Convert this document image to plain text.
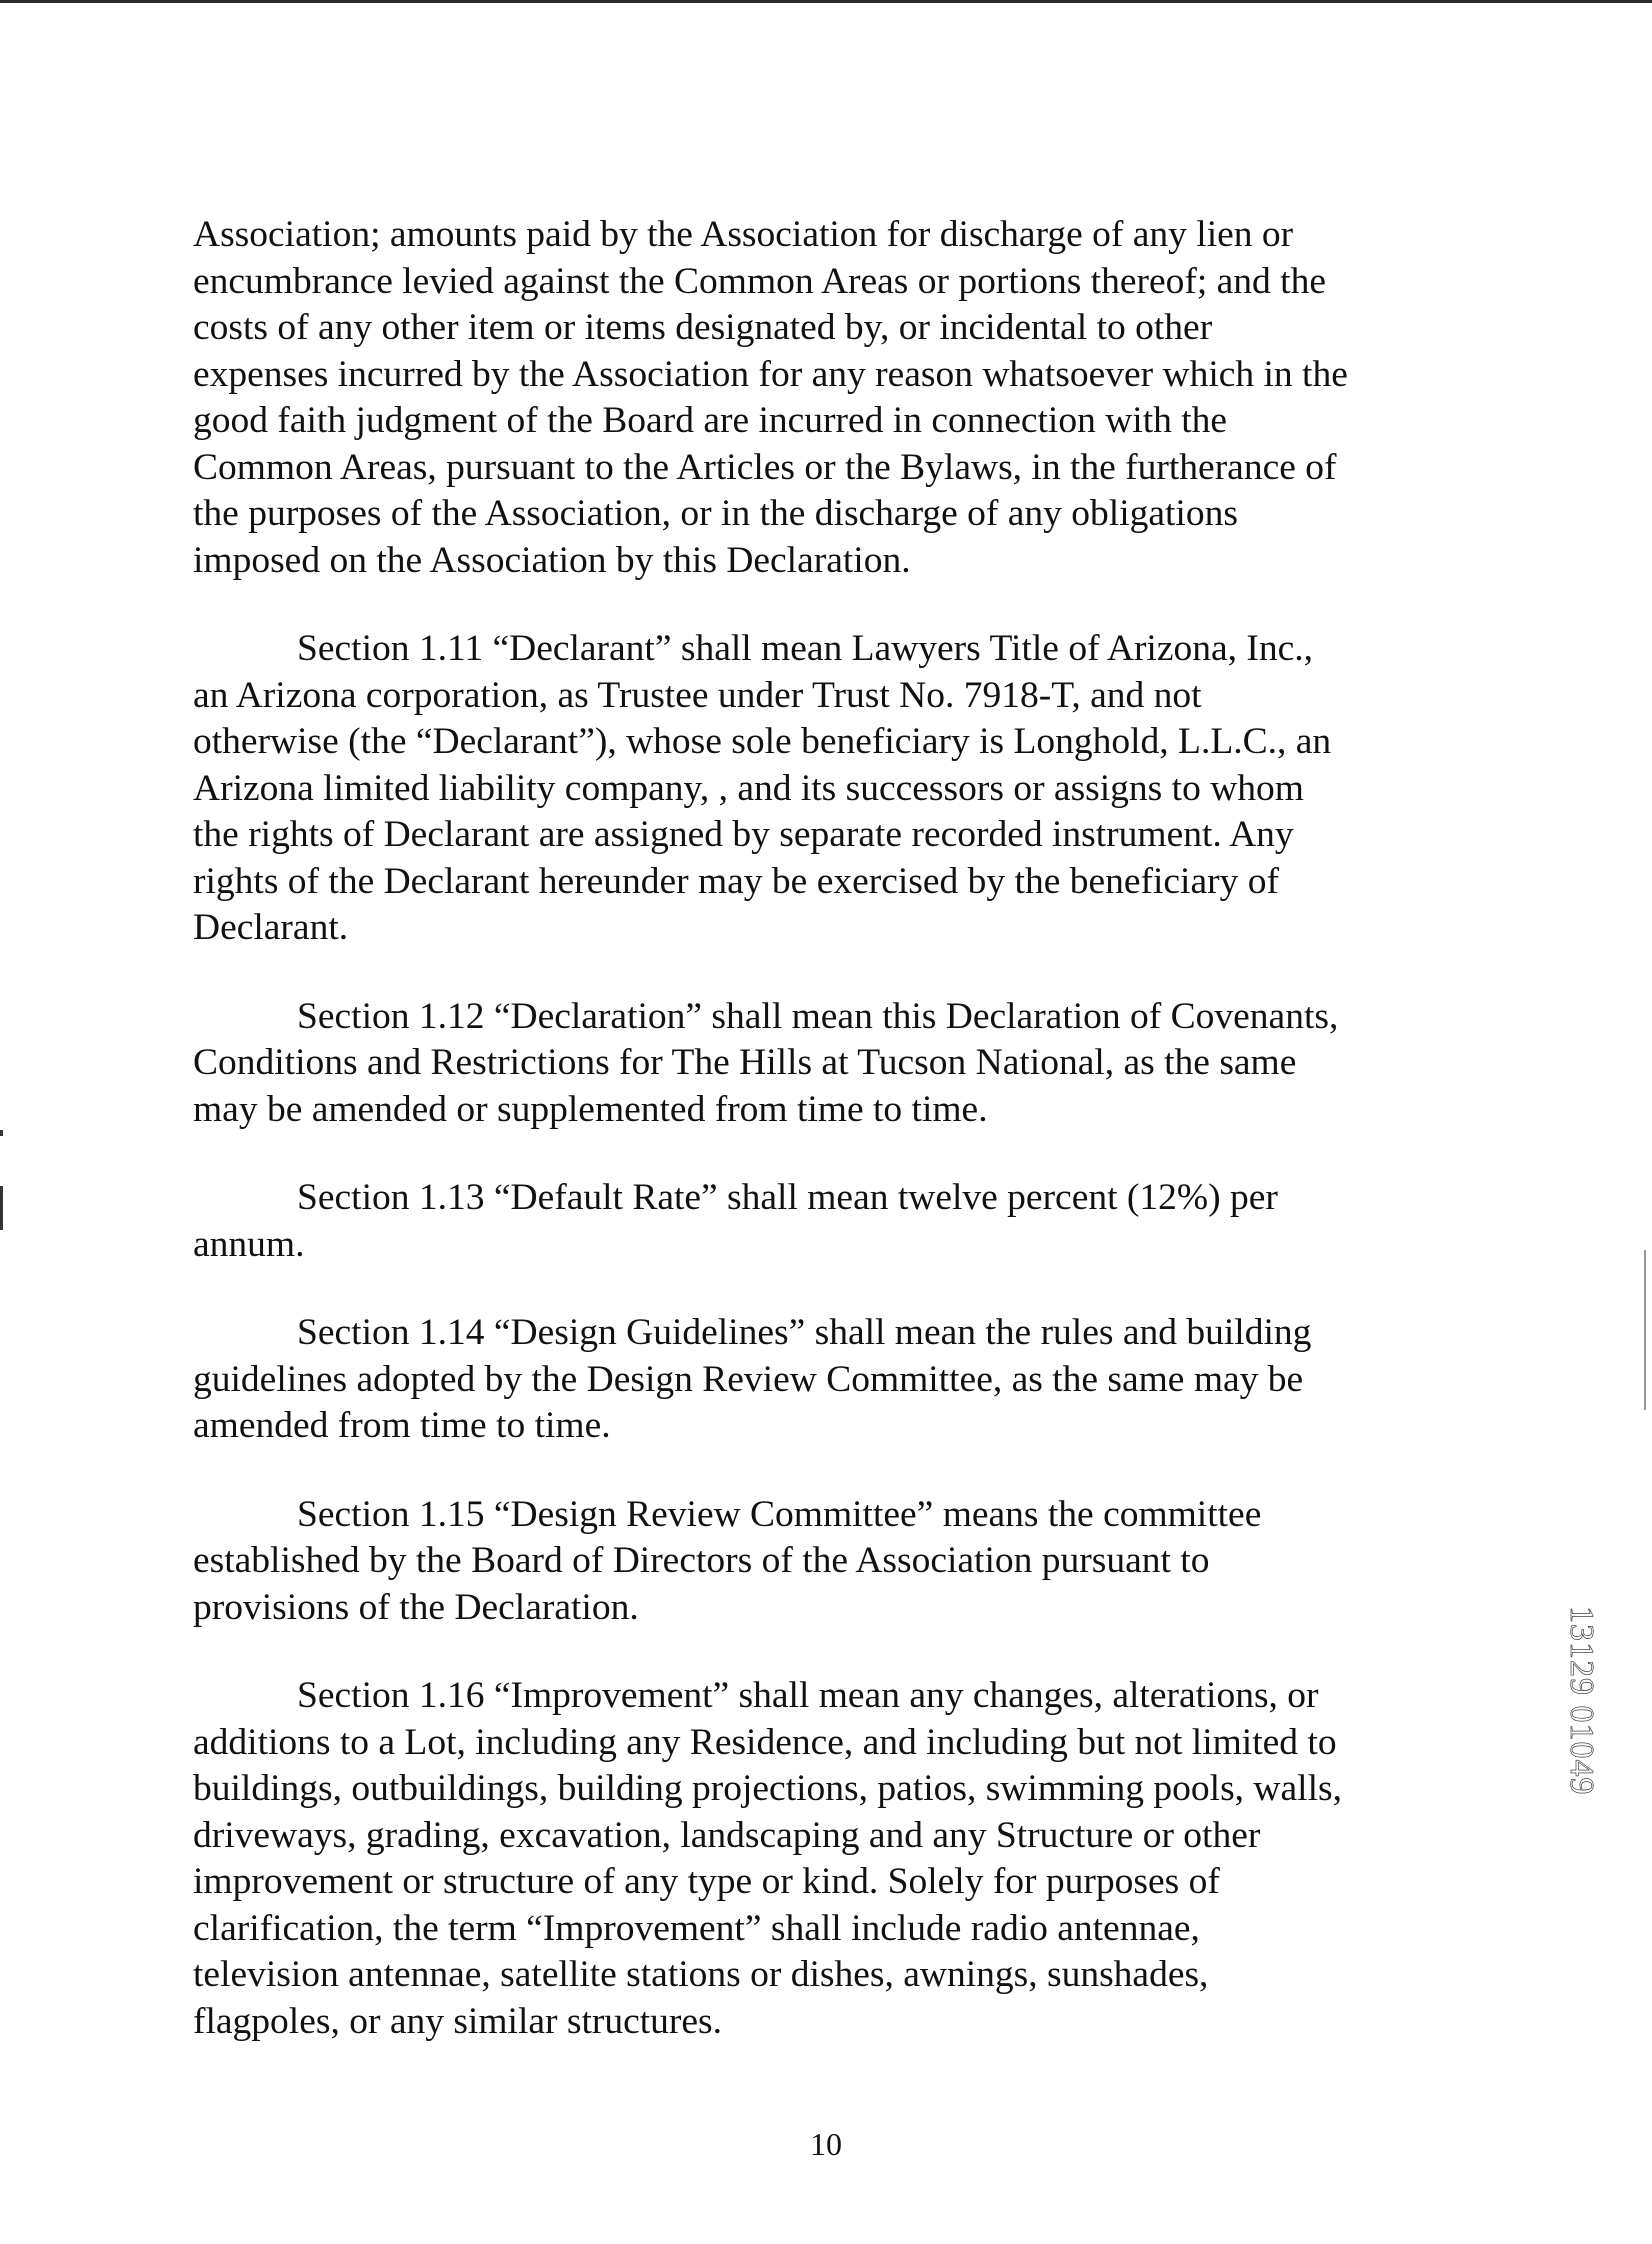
Association; amounts paid by the Association for discharge of any lien or
encumbrance levied against the Common Areas or portions thereof; and the
costs of any other item or items designated by, or incidental to other
expenses incurred by the Association for any reason whatsoever which in the
good faith judgment of the Board are incurred in connection with the
Common Areas, pursuant to the Articles or the Bylaws, in the furtherance of
the purposes of the Association, or in the discharge of any obligations
imposed on the Association by this Declaration.

Section 1.11 “Declarant” shall mean Lawyers Title of Arizona, Inc.,
an Arizona corporation, as Trustee under Trust No. 7918-T, and not
otherwise (the “Declarant”), whose sole beneficiary is Longhold, L.L.C., an
Arizona limited liability company, , and its successors or assigns to whom
the rights of Declarant are assigned by separate recorded instrument. Any
rights of the Declarant hereunder may be exercised by the beneficiary of
Declarant.

Section 1.12 “Declaration” shall mean this Declaration of Covenants,
Conditions and Restrictions for The Hills at Tucson National, as the same
may be amended or supplemented from time to time.

Section 1.13 “Default Rate” shall mean twelve percent (12%) per
annum.

Section 1.14 “Design Guidelines” shall mean the rules and building
guidelines adopted by the Design Review Committee, as the same may be
amended from time to time.

Section 1.15 “Design Review Committee” means the committee
established by the Board of Directors of the Association pursuant to
provisions of the Declaration.

Section 1.16 “Improvement” shall mean any changes, alterations, or
additions to a Lot, including any Residence, and including but not limited to
buildings, outbuildings, building projections, patios, swimming pools, walls,
driveways, grading, excavation, landscaping and any Structure or other
improvement or structure of any type or kind. Solely for purposes of
clarification, the term “Improvement” shall include radio antennae,
television antennae, satellite stations or dishes, awnings, sunshades,
flagpoles, or any similar structures.

13129 01049
10
